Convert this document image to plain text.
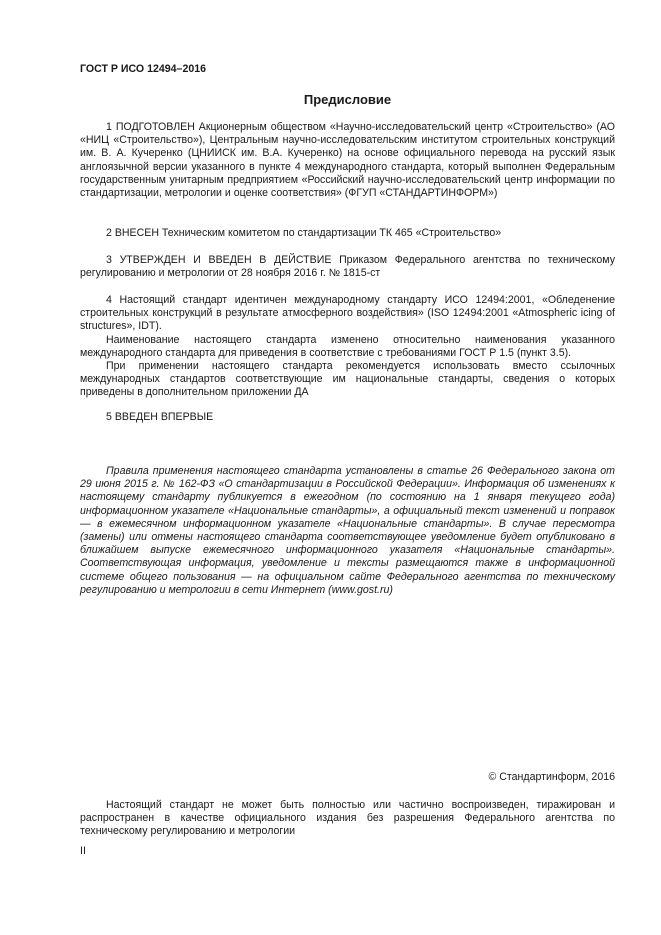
ГОСТ Р ИСО 12494–2016
Предисловие

1 ПОДГОТОВЛЕН Акционерным обществом «Научно-исследовательский центр «Строительство» (АО «НИЦ «Строительство»), Центральным научно-исследовательским институтом строительных конструкций им. В. А. Кучеренко (ЦНИИСК им. В.А. Кучеренко) на основе официального перевода на русский язык англоязычной версии указанного в пункте 4 международного стандарта, который выполнен Федеральным государственным унитарным предприятием «Российский научно-исследовательский центр информации по стандартизации, метрологии и оценке соответствия» (ФГУП «СТАНДАРТИНФОРМ»)

2 ВНЕСЕН Техническим комитетом по стандартизации ТК 465 «Строительство»

3 УТВЕРЖДЕН И ВВЕДЕН В ДЕЙСТВИЕ Приказом Федерального агентства по техническому регулированию и метрологии от 28 ноября 2016 г. № 1815-ст

4 Настоящий стандарт идентичен международному стандарту ИСО 12494:2001, «Обледенение строительных конструкций в результате атмосферного воздействия» (ISO 12494:2001 «Atmospheric icing of structures», IDT).

Наименование настоящего стандарта изменено относительно наименования указанного международного стандарта для приведения в соответствие с требованиями ГОСТ Р 1.5 (пункт 3.5).

При применении настоящего стандарта рекомендуется использовать вместо ссылочных международных стандартов соответствующие им национальные стандарты, сведения о которых приведены в дополнительном приложении ДА

5 ВВЕДЕН ВПЕРВЫЕ

Правила применения настоящего стандарта установлены в статье 26 Федерального закона от 29 июня 2015 г. № 162-ФЗ «О стандартизации в Российской Федерации». Информация об изменениях к настоящему стандарту публикуется в ежегодном (по состоянию на 1 января текущего года) информационном указателе «Национальные стандарты», а официальный текст изменений и поправок — в ежемесячном информационном указателе «Национальные стандарты». В случае пересмотра (замены) или отмены настоящего стандарта соответствующее уведомление будет опубликовано в ближайшем выпуске ежемесячного информационного указателя «Национальные стандарты». Соответствующая информация, уведомление и тексты размещаются также в информационной системе общего пользования — на официальном сайте Федерального агентства по техническому регулированию и метрологии в сети Интернет (www.gost.ru)

© Стандартинформ, 2016

Настоящий стандарт не может быть полностью или частично воспроизведен, тиражирован и распространен в качестве официального издания без разрешения Федерального агентства по техническому регулированию и метрологии

II
